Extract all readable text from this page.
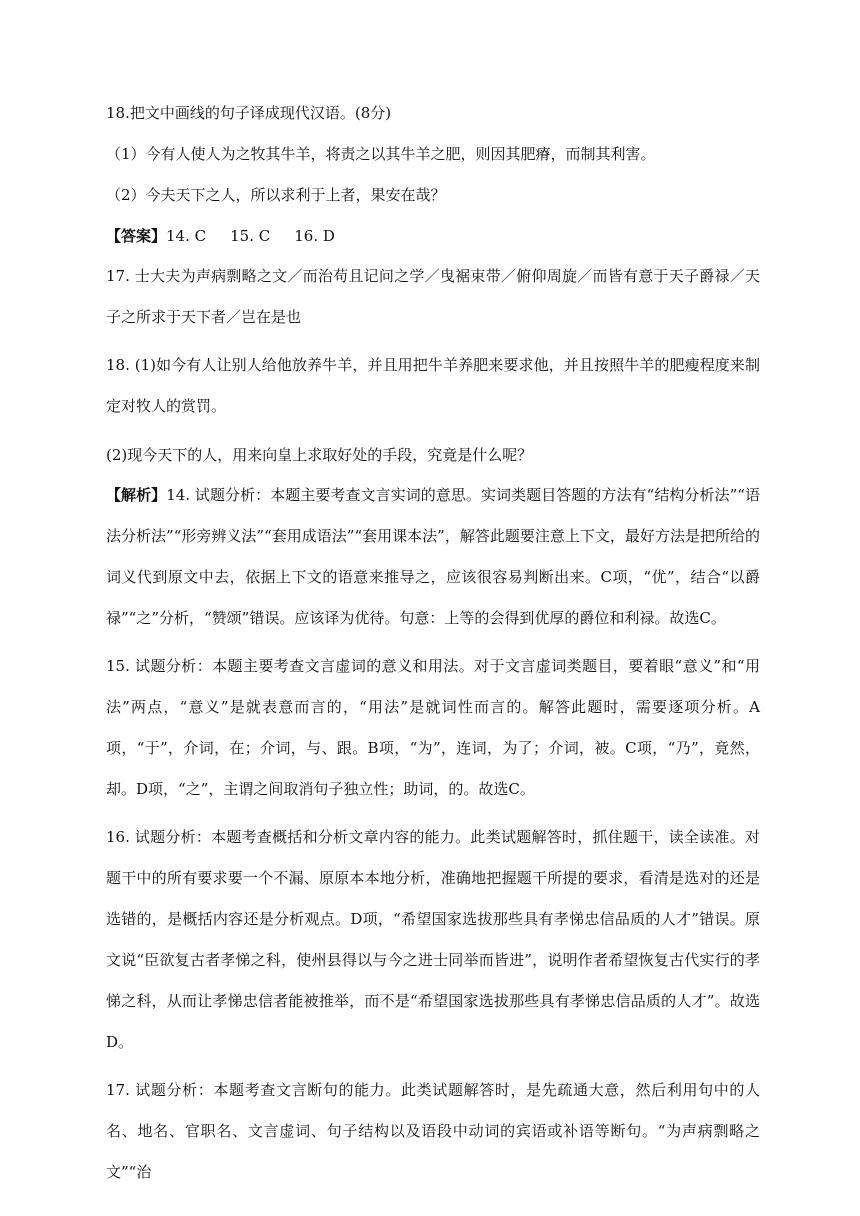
18.把文中画线的句子译成现代汉语。(8分)

（1）今有人使人为之牧其牛羊，将责之以其牛羊之肥，则因其肥瘠，而制其利害。

（2）今夫天下之人，所以求利于上者，果安在哉？

【答案】14. C 15. C 16. D

17. 士大夫为声病剽略之文／而治苟且记问之学／曳裾束带／俯仰周旋／而皆有意于天子爵禄／天子之所求于天下者／岂在是也

18. (1)如今有人让别人给他放养牛羊，并且用把牛羊养肥来要求他，并且按照牛羊的肥瘦程度来制定对牧人的赏罚。

(2)现今天下的人，用来向皇上求取好处的手段，究竟是什么呢？

【解析】14. 试题分析：本题主要考查文言实词的意思。实词类题目答题的方法有“结构分析法”“语法分析法”“形旁辨义法”“套用成语法”“套用课本法”，解答此题要注意上下文，最好方法是把所给的词义代到原文中去，依据上下文的语意来推导之，应该很容易判断出来。C项，“优”，结合“以爵禄”“之”分析，“赞颂”错误。应该译为优待。句意：上等的会得到优厚的爵位和利禄。故选C。

15. 试题分析：本题主要考查文言虚词的意义和用法。对于文言虚词类题目，要着眼“意义”和“用法”两点，“意义”是就表意而言的，“用法”是就词性而言的。解答此题时，需要逐项分析。A项，“于”，介词，在；介词，与、跟。B项，“为”，连词，为了；介词，被。C项，“乃”，竟然，却。D项，“之”，主谓之间取消句子独立性；助词，的。故选C。

16. 试题分析：本题考查概括和分析文章内容的能力。此类试题解答时，抓住题干，读全读准。对题干中的所有要求要一个不漏、原原本本地分析，准确地把握题干所提的要求，看清是选对的还是选错的，是概括内容还是分析观点。D项，“希望国家选拔那些具有孝悌忠信品质的人才”错误。原文说“臣欲复古者孝悌之科，使州县得以与今之进士同举而皆进”，说明作者希望恢复古代实行的孝悌之科，从而让孝悌忠信者能被推举，而不是“希望国家选拔那些具有孝悌忠信品质的人才”。故选D。

17. 试题分析：本题考查文言断句的能力。此类试题解答时，是先疏通大意，然后利用句中的人名、地名、官职名、文言虚词、句子结构以及语段中动词的宾语或补语等断句。“为声病剽略之文”“治
